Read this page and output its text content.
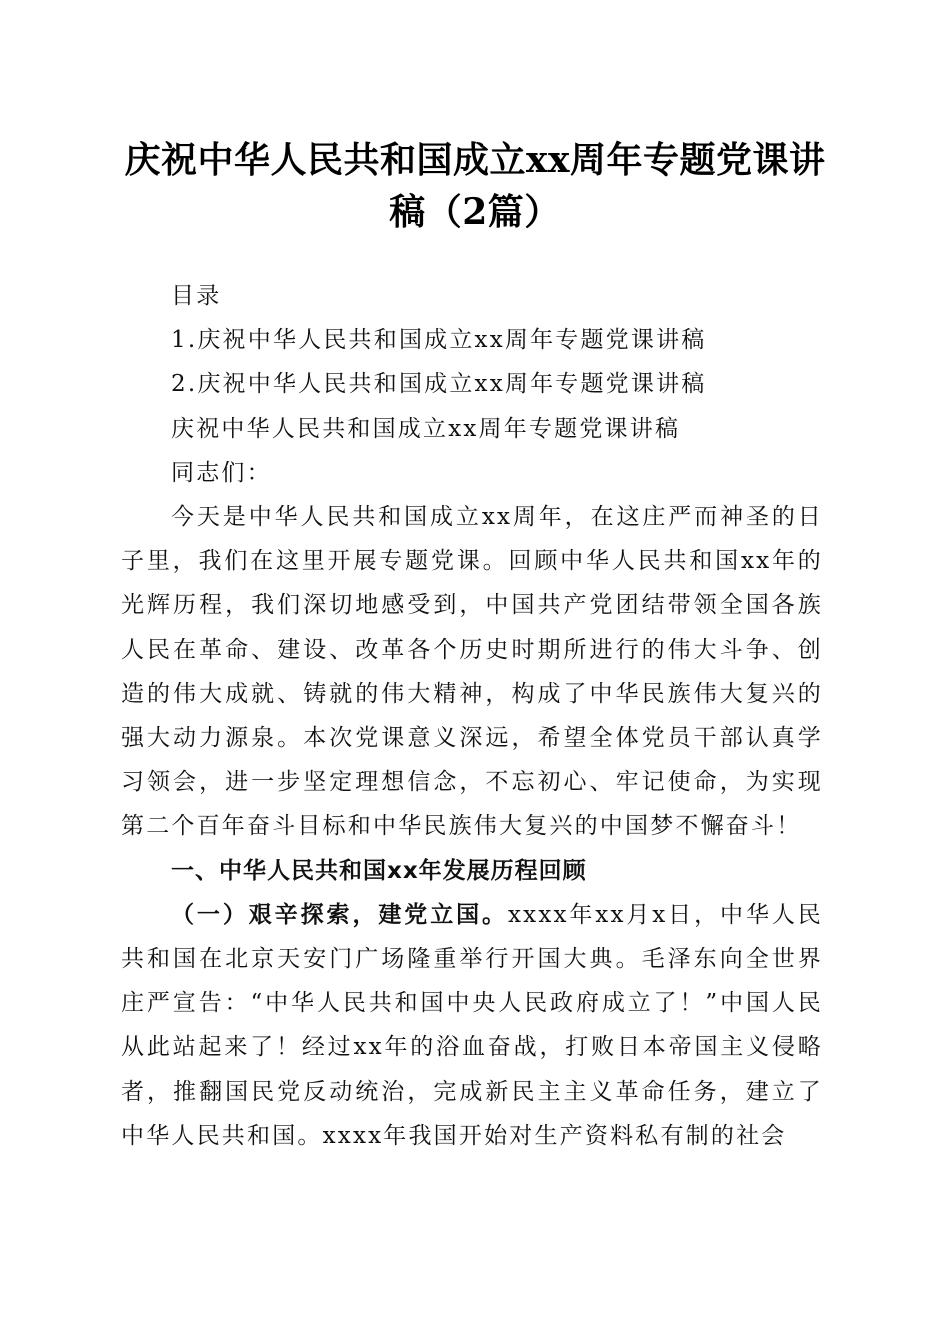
庆祝中华人民共和国成立xx周年专题党课讲稿（2篇）

目录

1.庆祝中华人民共和国成立xx周年专题党课讲稿

2.庆祝中华人民共和国成立xx周年专题党课讲稿

庆祝中华人民共和国成立xx周年专题党课讲稿

同志们：

今天是中华人民共和国成立xx周年，在这庄严而神圣的日子里，我们在这里开展专题党课。回顾中华人民共和国xx年的光辉历程，我们深切地感受到，中国共产党团结带领全国各族人民在革命、建设、改革各个历史时期所进行的伟大斗争、创造的伟大成就、铸就的伟大精神，构成了中华民族伟大复兴的强大动力源泉。本次党课意义深远，希望全体党员干部认真学习领会，进一步坚定理想信念，不忘初心、牢记使命，为实现第二个百年奋斗目标和中华民族伟大复兴的中国梦不懈奋斗！

一、中华人民共和国xx年发展历程回顾

（一）艰辛探索，建党立国。xxxx年xx月x日，中华人民共和国在北京天安门广场隆重举行开国大典。毛泽东向全世界庄严宣告：“中华人民共和国中央人民政府成立了！”中国人民从此站起来了！经过xx年的浴血奋战，打败日本帝国主义侵略者，推翻国民党反动统治，完成新民主主义革命任务，建立了中华人民共和国。xxxx年我国开始对生产资料私有制的社会
